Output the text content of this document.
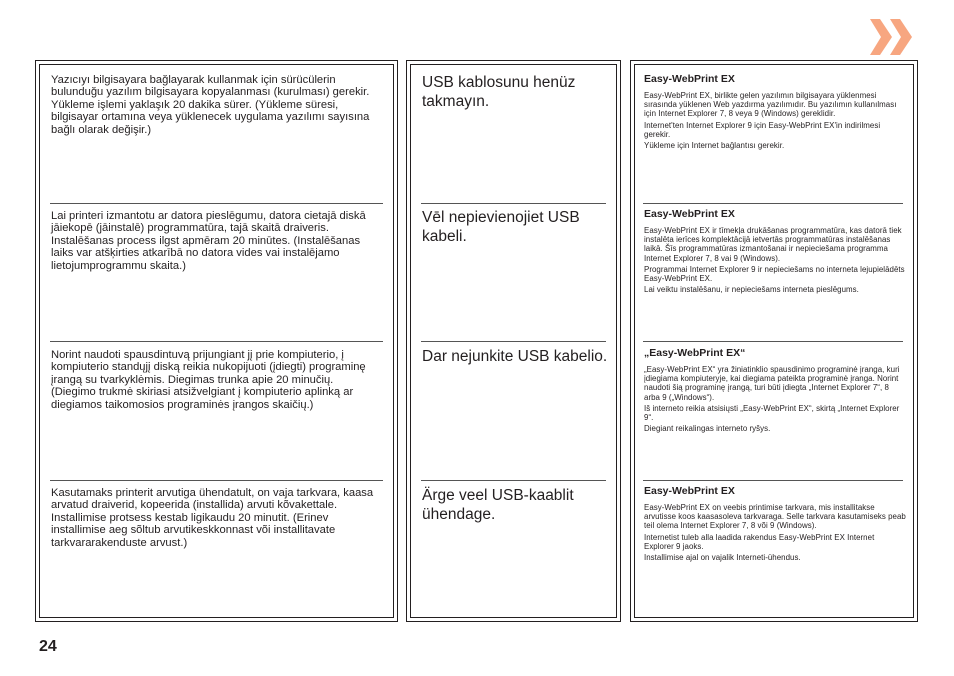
Yazıcıyı bilgisayara bağlayarak kullanmak için sürücülerin bulunduğu yazılım bilgisayara kopyalanması (kurulması) gerekir. Yükleme işlemi yaklaşık 20 dakika sürer. (Yükleme süresi, bilgisayar ortamına veya yüklenecek uygulama yazılımı sayısına bağlı olarak değişir.)

Lai printeri izmantotu ar datora pieslēgumu, datora cietajā diskā jāiekopē (jāinstalē) programmatūra, tajā skaitā draiveris. Instalēšanas process ilgst apmēram 20 minūtes. (Instalēšanas laiks var atšķirties atkarībā no datora vides vai instalējamo lietojumprogrammu skaita.)

Norint naudoti spausdintuvą prijungiant jį prie kompiuterio, į kompiuterio standųjį diską reikia nukopijuoti (įdiegti) programinę įrangą su tvarkyklėmis. Diegimas trunka apie 20 minučių. (Diegimo trukmė skiriasi atsižvelgiant į kompiuterio aplinką ar diegiamos taikomosios programinės įrangos skaičių.)

Kasutamaks printerit arvutiga ühendatult, on vaja tarkvara, kaasa arvatud draiverid, kopeerida (installida) arvuti kõvakettale. Installimise protsess kestab ligikaudu 20 minutit. (Erinev installimise aeg sõltub arvutikeskkonnast või installitavate tarkvararakenduste arvust.)

USB kablosunu henüz takmayın.

Vēl nepievienojiet USB kabeli.

Dar nejunkite USB kabelio.

Ärge veel USB-kaablit ühendage.

Easy-WebPrint EX

Easy-WebPrint EX, birlikte gelen yazılımın bilgisayara yüklenmesi sırasında yüklenen Web yazdırma yazılımıdır. Bu yazılımın kullanılması için Internet Explorer 7, 8 veya 9 (Windows) gereklidir.

Internet'ten Internet Explorer 9 için Easy-WebPrint EX'in indirilmesi gerekir.

Yükleme için Internet bağlantısı gerekir.

Easy-WebPrint EX

Easy-WebPrint EX ir tīmekļa drukāšanas programmatūra, kas datorā tiek instalēta ierīces komplektācijā ietvertās programmatūras instalēšanas laikā. Šīs programmatūras izmantošanai ir nepieciešama programma Internet Explorer 7, 8 vai 9 (Windows).

Programmai Internet Explorer 9 ir nepieciešams no interneta lejupielādēts Easy-WebPrint EX.

Lai veiktu instalēšanu, ir nepieciešams interneta pieslēgums.

„Easy-WebPrint EX“

„Easy-WebPrint EX“ yra žiniatinklio spausdinimo programinė įranga, kuri įdiegiama kompiuteryje, kai diegiama pateikta programinė įranga. Norint naudoti šią programinę įrangą, turi būti įdiegta „Internet Explorer 7“, 8 arba 9 („Windows“).

Iš interneto reikia atsisiųsti „Easy-WebPrint EX“, skirtą „Internet Explorer 9“.

Diegiant reikalingas interneto ryšys.

Easy-WebPrint EX

Easy-WebPrint EX on veebis printimise tarkvara, mis installitakse arvutisse koos kaasasoleva tarkvaraga. Selle tarkvara kasutamiseks peab teil olema Internet Explorer 7, 8 või 9 (Windows).

Internetist tuleb alla laadida rakendus Easy-WebPrint EX Internet Explorer 9 jaoks.

Installimise ajal on vajalik Interneti-ühendus.

24
